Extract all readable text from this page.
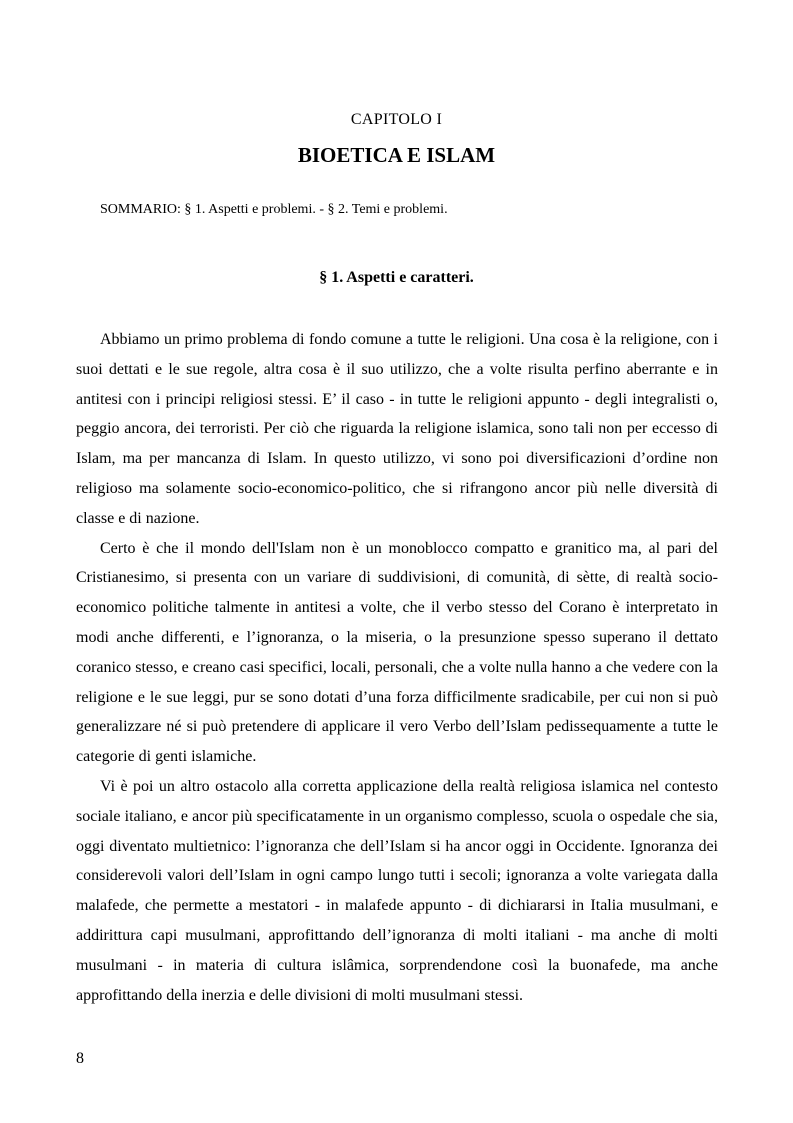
CAPITOLO I
BIOETICA E ISLAM
SOMMARIO: § 1. Aspetti e problemi. - § 2. Temi e problemi.
§ 1. Aspetti e caratteri.

Abbiamo un primo problema di fondo comune a tutte le religioni. Una cosa è la religione, con i suoi dettati e le sue regole, altra cosa è il suo utilizzo, che a volte risulta perfino aberrante e in antitesi con i principi religiosi stessi. E’ il caso - in tutte le religioni appunto - degli integralisti o, peggio ancora, dei terroristi. Per ciò che riguarda la religione islamica, sono tali non per eccesso di Islam, ma per mancanza di Islam. In questo utilizzo, vi sono poi diversificazioni d’ordine non religioso ma solamente socio-economico-politico, che si rifrangono ancor più nelle diversità di classe e di nazione.

Certo è che il mondo dell'Islam non è un monoblocco compatto e granitico ma, al pari del Cristianesimo, si presenta con un variare di suddivisioni, di comunità, di sètte, di realtà socio-economico politiche talmente in antitesi a volte, che il verbo stesso del Corano è interpretato in modi anche differenti, e l’ignoranza, o la miseria, o la presunzione spesso superano il dettato coranico stesso, e creano casi specifici, locali, personali, che a volte nulla hanno a che vedere con la religione e le sue leggi, pur se sono dotati d’una forza difficilmente sradicabile, per cui non si può generalizzare né si può pretendere di applicare il vero Verbo dell’Islam pedissequamente a tutte le categorie di genti islamiche.

Vi è poi un altro ostacolo alla corretta applicazione della realtà religiosa islamica nel contesto sociale italiano, e ancor più specificatamente in un organismo complesso, scuola o ospedale che sia, oggi diventato multietnico: l’ignoranza che dell’Islam si ha ancor oggi in Occidente. Ignoranza dei considerevoli valori dell’Islam in ogni campo lungo tutti i secoli; ignoranza a volte variegata dalla malafede, che permette a mestatori - in malafede appunto - di dichiararsi in Italia musulmani, e addirittura capi musulmani, approfittando dell’ignoranza di molti italiani - ma anche di molti musulmani - in materia di cultura islâmica, sorprendendone così la buonafede, ma anche approfittando della inerzia e delle divisioni di molti musulmani stessi.

8
